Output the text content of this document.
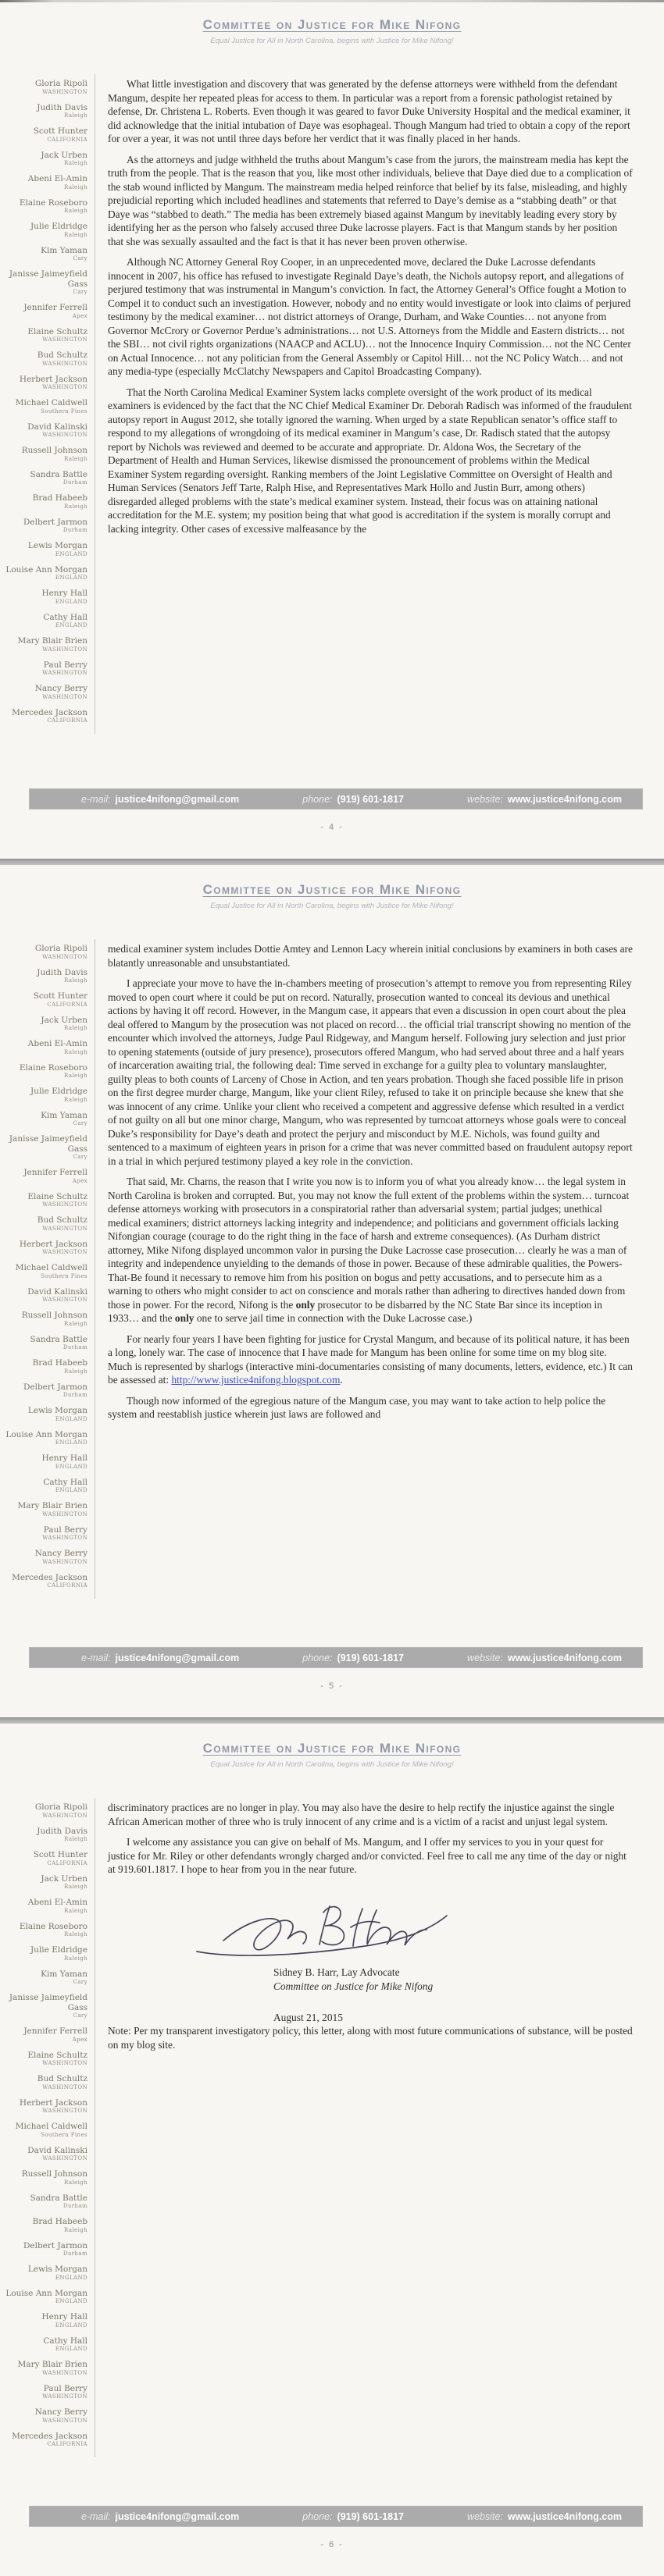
Committee on Justice for Mike Nifong
Equal Justice for All in North Carolina, begins with Justice for Mike Nifong!
Gloria Ripoli
WASHINGTON
Judith Davis
Raleigh
Scott Hunter
CALIFORNIA
Jack Urben
Raleigh
Abeni El-Amin
Raleigh
Elaine Roseboro
Raleigh
Julie Eldridge
Raleigh
Kim Yaman
Cary
Janisse Jaimeyfield Gass
Cary
Jennifer Ferrell
Apex
Elaine Schultz
WASHINGTON
Bud Schultz
WASHINGTON
Herbert Jackson
WASHINGTON
Michael Caldwell
Southern Pines
David Kalinski
WASHINGTON
Russell Johnson
Raleigh
Sandra Battle
Durham
Brad Habeeb
Raleigh
Delbert Jarmon
Durham
Lewis Morgan
ENGLAND
Louise Ann Morgan
ENGLAND
Henry Hall
ENGLAND
Cathy Hall
ENGLAND
Mary Blair Brien
WASHINGTON
Paul Berry
WASHINGTON
Nancy Berry
WASHINGTON
Mercedes Jackson
CALIFORNIA

What little investigation and discovery that was generated by the defense attorneys were withheld from the defendant Mangum, despite her repeated pleas for access to them. In particular was a report from a forensic pathologist retained by defense, Dr. Christena L. Roberts. Even though it was geared to favor Duke University Hospital and the medical examiner, it did acknowledge that the initial intubation of Daye was esophageal. Though Mangum had tried to obtain a copy of the report for over a year, it was not until three days before her verdict that it was finally placed in her hands.

As the attorneys and judge withheld the truths about Mangum’s case from the jurors, the mainstream media has kept the truth from the people. That is the reason that you, like most other individuals, believe that Daye died due to a complication of the stab wound inflicted by Mangum. The mainstream media helped reinforce that belief by its false, misleading, and highly prejudicial reporting which included headlines and statements that referred to Daye’s demise as a “stabbing death” or that Daye was “stabbed to death.” The media has been extremely biased against Mangum by inevitably leading every story by identifying her as the person who falsely accused three Duke lacrosse players. Fact is that Mangum stands by her position that she was sexually assaulted and the fact is that it has never been proven otherwise.

Although NC Attorney General Roy Cooper, in an unprecedented move, declared the Duke Lacrosse defendants innocent in 2007, his office has refused to investigate Reginald Daye’s death, the Nichols autopsy report, and allegations of perjured testimony that was instrumental in Mangum’s conviction. In fact, the Attorney General’s Office fought a Motion to Compel it to conduct such an investigation. However, nobody and no entity would investigate or look into claims of perjured testimony by the medical examiner… not district attorneys of Orange, Durham, and Wake Counties… not anyone from Governor McCrory or Governor Perdue’s administrations… not U.S. Attorneys from the Middle and Eastern districts… not the SBI… not civil rights organizations (NAACP and ACLU)… not the Innocence Inquiry Commission… not the NC Center on Actual Innocence… not any politician from the General Assembly or Capitol Hill… not the NC Policy Watch… and not any media-type (especially McClatchy Newspapers and Capitol Broadcasting Company).

That the North Carolina Medical Examiner System lacks complete oversight of the work product of its medical examiners is evidenced by the fact that the NC Chief Medical Examiner Dr. Deborah Radisch was informed of the fraudulent autopsy report in August 2012, she totally ignored the warning. When urged by a state Republican senator’s office staff to respond to my allegations of wrongdoing of its medical examiner in Mangum’s case, Dr. Radisch stated that the autopsy report by Nichols was reviewed and deemed to be accurate and appropriate. Dr. Aldona Wos, the Secretary of the Department of Health and Human Services, likewise dismissed the pronouncement of problems within the Medical Examiner System regarding oversight. Ranking members of the Joint Legislative Committee on Oversight of Health and Human Services (Senators Jeff Tarte, Ralph Hise, and Representatives Mark Hollo and Justin Burr, among others) disregarded alleged problems with the state’s medical examiner system. Instead, their focus was on attaining national accreditation for the M.E. system; my position being that what good is accreditation if the system is morally corrupt and lacking integrity. Other cases of excessive malfeasance by the

e-mail: justice4nifong@gmail.com	phone: (919) 601-1817	website: www.justice4nifong.com
- 4 -
Committee on Justice for Mike Nifong
Equal Justice for All in North Carolina, begins with Justice for Mike Nifong!
Gloria Ripoli
WASHINGTON
Judith Davis
Raleigh
Scott Hunter
CALIFORNIA
Jack Urben
Raleigh
Abeni El-Amin
Raleigh
Elaine Roseboro
Raleigh
Julie Eldridge
Raleigh
Kim Yaman
Cary
Janisse Jaimeyfield Gass
Cary
Jennifer Ferrell
Apex
Elaine Schultz
WASHINGTON
Bud Schultz
WASHINGTON
Herbert Jackson
WASHINGTON
Michael Caldwell
Southern Pines
David Kalinski
WASHINGTON
Russell Johnson
Raleigh
Sandra Battle
Durham
Brad Habeeb
Raleigh
Delbert Jarmon
Durham
Lewis Morgan
ENGLAND
Louise Ann Morgan
ENGLAND
Henry Hall
ENGLAND
Cathy Hall
ENGLAND
Mary Blair Brien
WASHINGTON
Paul Berry
WASHINGTON
Nancy Berry
WASHINGTON
Mercedes Jackson
CALIFORNIA

medical examiner system includes Dottie Amtey and Lennon Lacy wherein initial conclusions by examiners in both cases are blatantly unreasonable and unsubstantiated.

I appreciate your move to have the in-chambers meeting of prosecution’s attempt to remove you from representing Riley moved to open court where it could be put on record. Naturally, prosecution wanted to conceal its devious and unethical actions by having it off record. However, in the Mangum case, it appears that even a discussion in open court about the plea deal offered to Mangum by the prosecution was not placed on record… the official trial transcript showing no mention of the encounter which involved the attorneys, Judge Paul Ridgeway, and Mangum herself. Following jury selection and just prior to opening statements (outside of jury presence), prosecutors offered Mangum, who had served about three and a half years of incarceration awaiting trial, the following deal: Time served in exchange for a guilty plea to voluntary manslaughter, guilty pleas to both counts of Larceny of Chose in Action, and ten years probation. Though she faced possible life in prison on the first degree murder charge, Mangum, like your client Riley, refused to take it on principle because she knew that she was innocent of any crime. Unlike your client who received a competent and aggressive defense which resulted in a verdict of not guilty on all but one minor charge, Mangum, who was represented by turncoat attorneys whose goals were to conceal Duke’s responsibility for Daye’s death and protect the perjury and misconduct by M.E. Nichols, was found guilty and sentenced to a maximum of eighteen years in prison for a crime that was never committed based on fraudulent autopsy report in a trial in which perjured testimony played a key role in the conviction.

That said, Mr. Charns, the reason that I write you now is to inform you of what you already know… the legal system in North Carolina is broken and corrupted. But, you may not know the full extent of the problems within the system… turncoat defense attorneys working with prosecutors in a conspiratorial rather than adversarial system; partial judges; unethical medical examiners; district attorneys lacking integrity and independence; and politicians and government officials lacking Nifongian courage (courage to do the right thing in the face of harsh and extreme consequences). (As Durham district attorney, Mike Nifong displayed uncommon valor in pursing the Duke Lacrosse case prosecution… clearly he was a man of integrity and independence unyielding to the demands of those in power. Because of these admirable qualities, the Powers-That-Be found it necessary to remove him from his position on bogus and petty accusations, and to persecute him as a warning to others who might consider to act on conscience and morals rather than adhering to directives handed down from those in power. For the record, Nifong is the only prosecutor to be disbarred by the NC State Bar since its inception in 1933… and the only one to serve jail time in connection with the Duke Lacrosse case.)

For nearly four years I have been fighting for justice for Crystal Mangum, and because of its political nature, it has been a long, lonely war. The case of innocence that I have made for Mangum has been online for some time on my blog site. Much is represented by sharlogs (interactive mini-documentaries consisting of many documents, letters, evidence, etc.) It can be assessed at: http://www.justice4nifong.blogspot.com.

Though now informed of the egregious nature of the Mangum case, you may want to take action to help police the system and reestablish justice wherein just laws are followed and

e-mail: justice4nifong@gmail.com	phone: (919) 601-1817	website: www.justice4nifong.com
- 5 -
Committee on Justice for Mike Nifong
Equal Justice for All in North Carolina, begins with Justice for Mike Nifong!
Gloria Ripoli
WASHINGTON
Judith Davis
Raleigh
Scott Hunter
CALIFORNIA
Jack Urben
Raleigh
Abeni El-Amin
Raleigh
Elaine Roseboro
Raleigh
Julie Eldridge
Raleigh
Kim Yaman
Cary
Janisse Jaimeyfield Gass
Cary
Jennifer Ferrell
Apex
Elaine Schultz
WASHINGTON
Bud Schultz
WASHINGTON
Herbert Jackson
WASHINGTON
Michael Caldwell
Southern Pines
David Kalinski
WASHINGTON
Russell Johnson
Raleigh
Sandra Battle
Durham
Brad Habeeb
Raleigh
Delbert Jarmon
Durham
Lewis Morgan
ENGLAND
Louise Ann Morgan
ENGLAND
Henry Hall
ENGLAND
Cathy Hall
ENGLAND
Mary Blair Brien
WASHINGTON
Paul Berry
WASHINGTON
Nancy Berry
WASHINGTON
Mercedes Jackson
CALIFORNIA

discriminatory practices are no longer in play. You may also have the desire to help rectify the injustice against the single African American mother of three who is truly innocent of any crime and is a victim of a racist and unjust legal system.

I welcome any assistance you can give on behalf of Ms. Mangum, and I offer my services to you in your quest for justice for Mr. Riley or other defendants wrongly charged and/or convicted. Feel free to call me any time of the day or night at 919.601.1817. I hope to hear from you in the near future.

Sidney B. Harr, Lay Advocate
Committee on Justice for Mike Nifong
August 21, 2015

Note: Per my transparent investigatory policy, this letter, along with most future communications of substance, will be posted on my blog site.

e-mail: justice4nifong@gmail.com	phone: (919) 601-1817	website: www.justice4nifong.com
- 6 -
